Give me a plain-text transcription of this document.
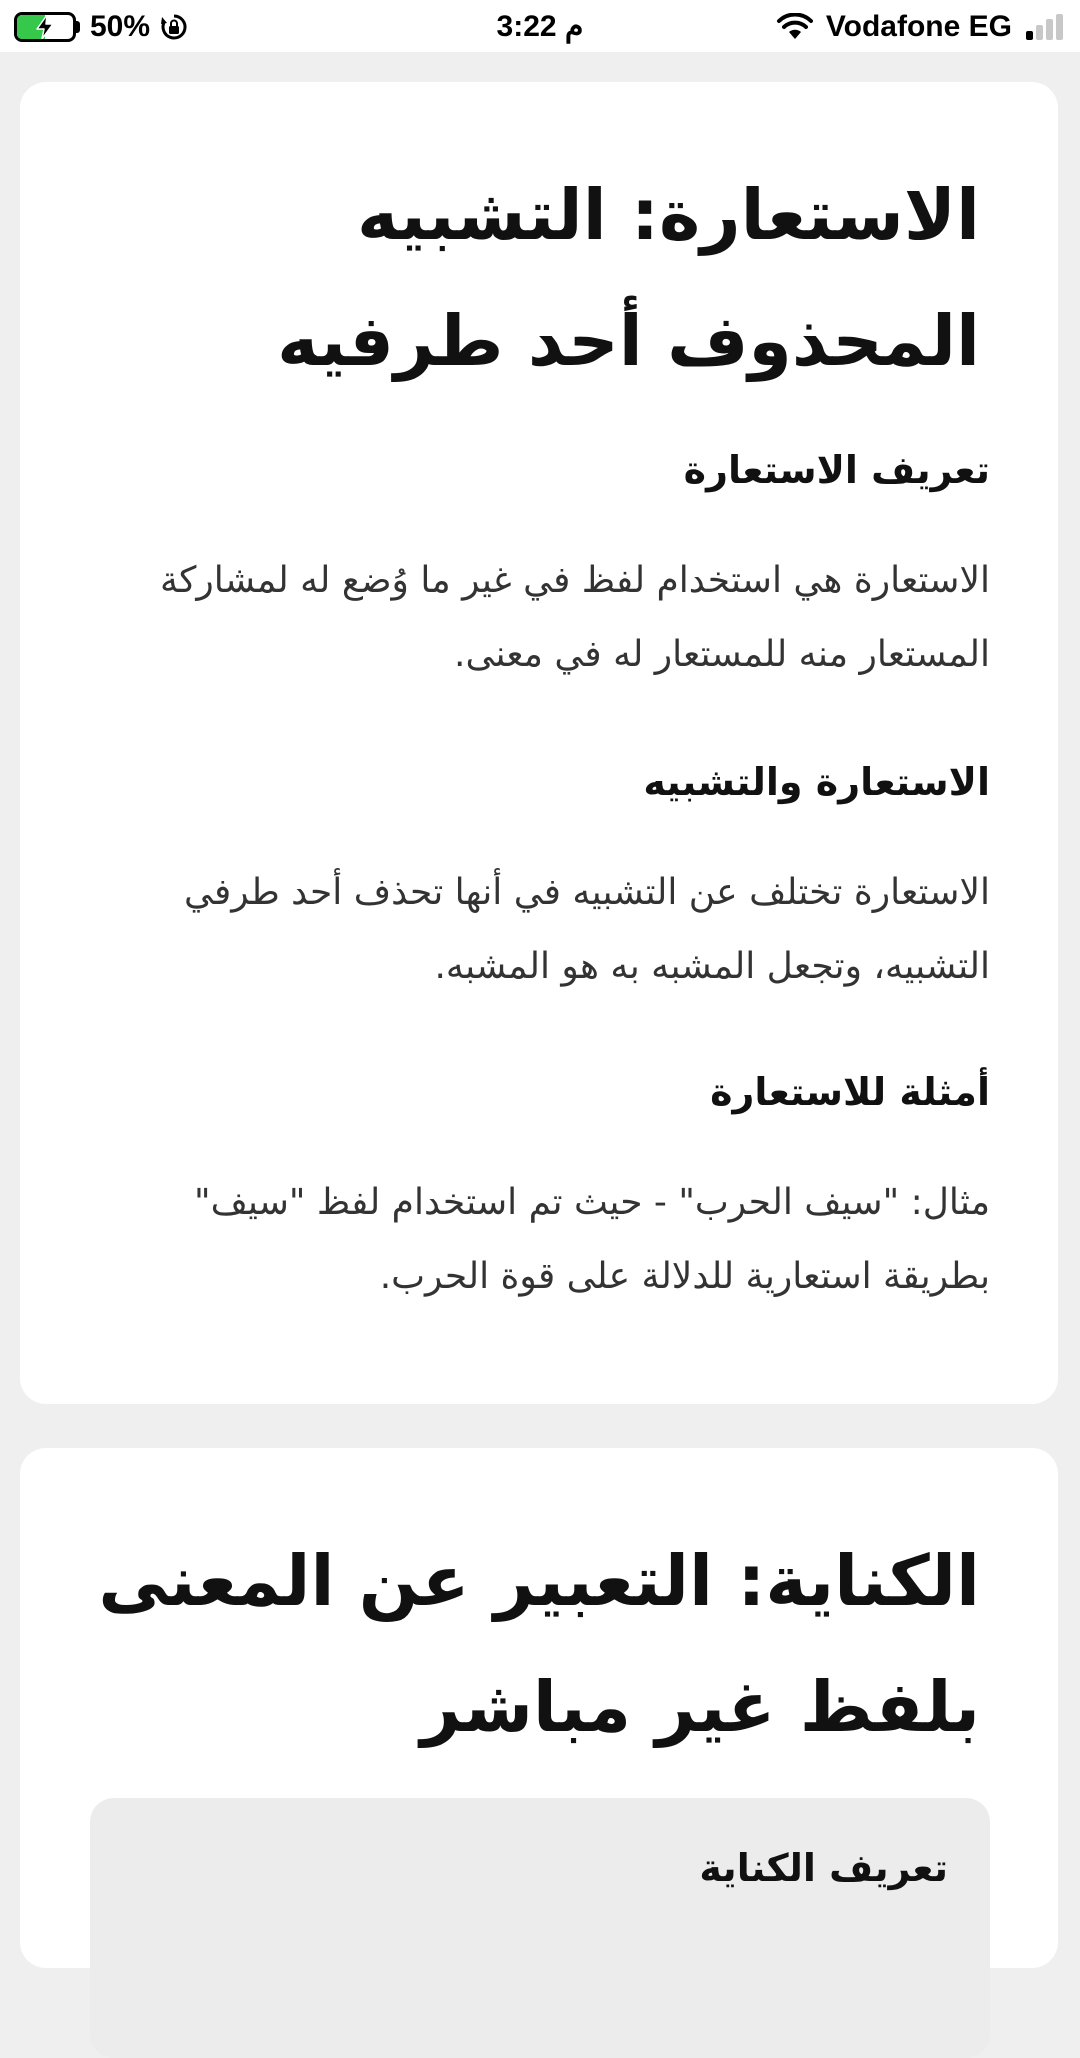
50%	3:22 م	Vodafone EG
الاستعارة: التشبيه المحذوف أحد طرفيه
تعريف الاستعارة

الاستعارة هي استخدام لفظ في غير ما وُضع له لمشاركة المستعار منه للمستعار له في معنى.

الاستعارة والتشبيه

الاستعارة تختلف عن التشبيه في أنها تحذف أحد طرفي التشبيه، وتجعل المشبه به هو المشبه.

أمثلة للاستعارة

مثال: "سيف الحرب" - حيث تم استخدام لفظ "سيف" بطريقة استعارية للدلالة على قوة الحرب.

الكناية: التعبير عن المعنى بلفظ غير مباشر
تعريف الكناية
